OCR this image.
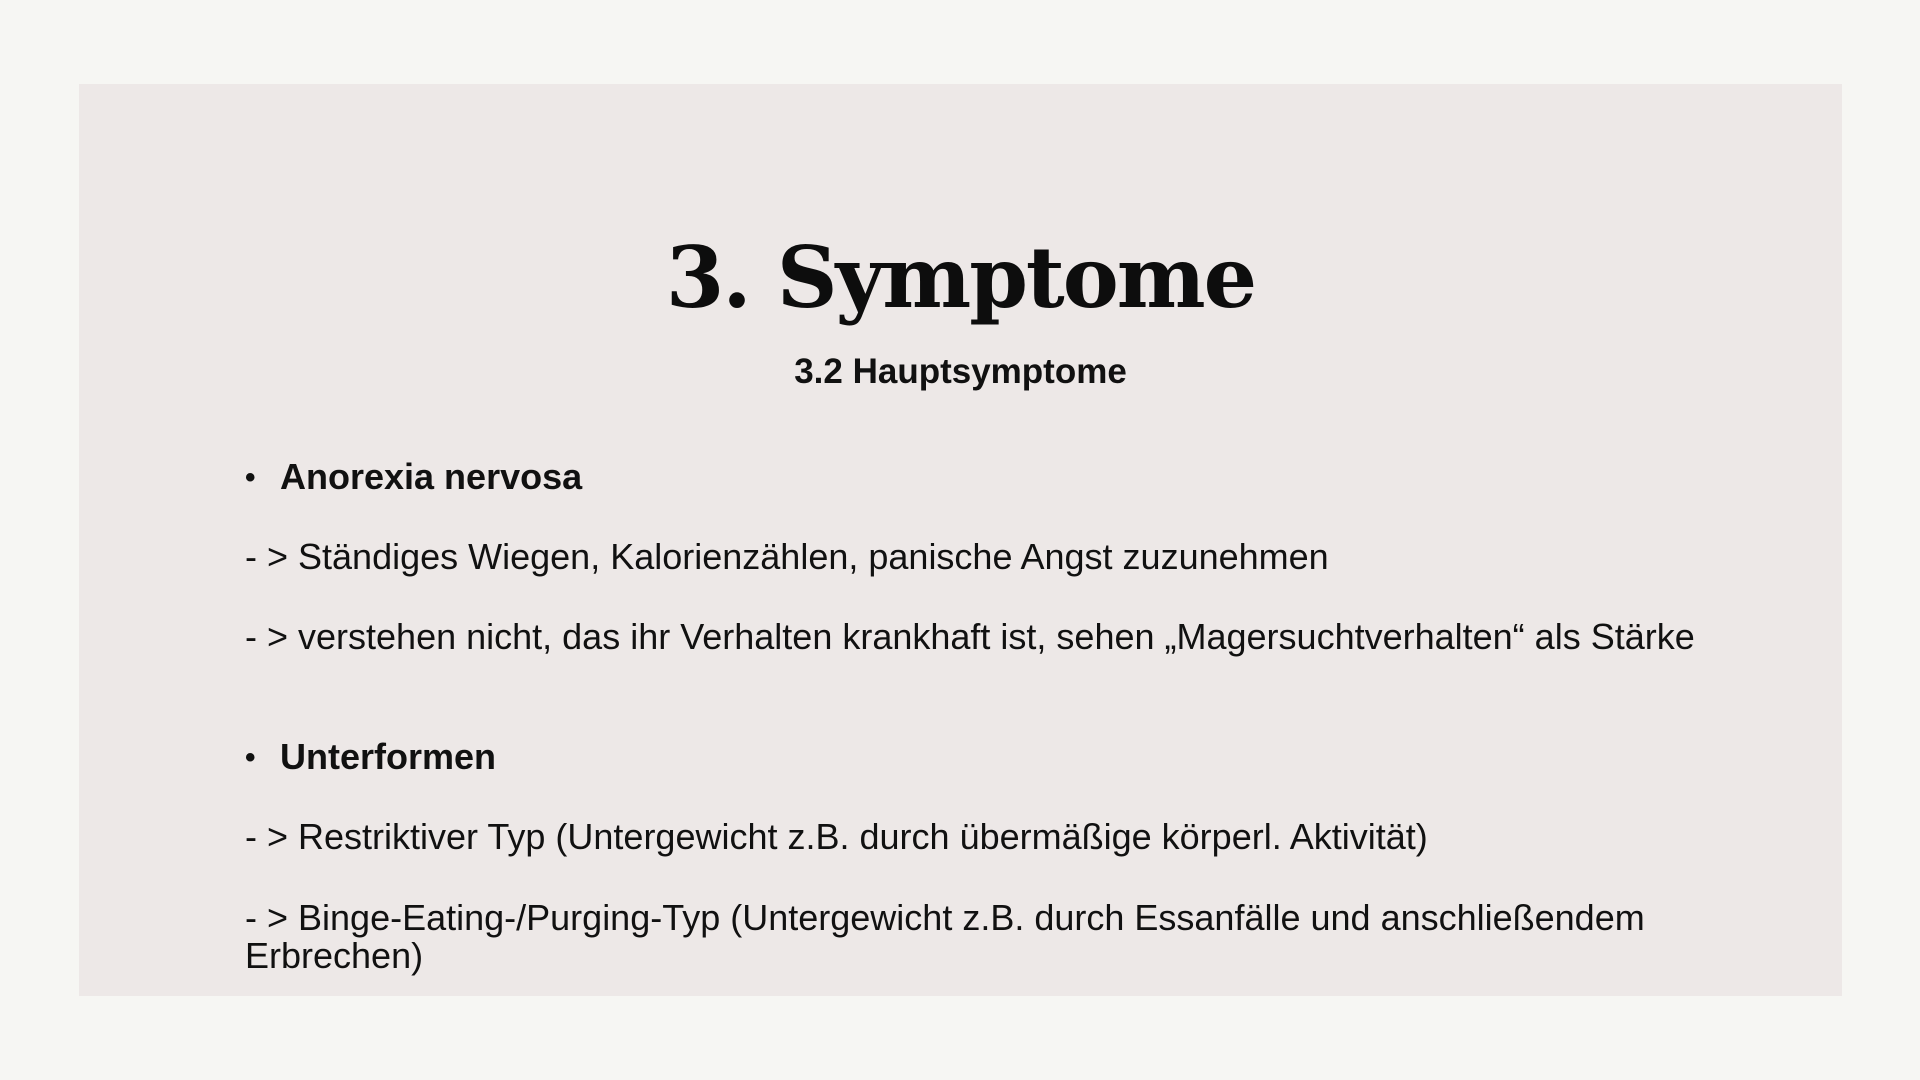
3. Symptome
3.2 Hauptsymptome
• Anorexia nervosa
- > Ständiges Wiegen, Kalorienzählen, panische Angst zuzunehmen
- > verstehen nicht, das ihr Verhalten krankhaft ist, sehen „Magersuchtverhalten“ als Stärke
• Unterformen
- > Restriktiver Typ (Untergewicht z.B. durch übermäßige körperl. Aktivität)
- > Binge-Eating-/Purging-Typ (Untergewicht z.B. durch Essanfälle und anschließendem Erbrechen)
